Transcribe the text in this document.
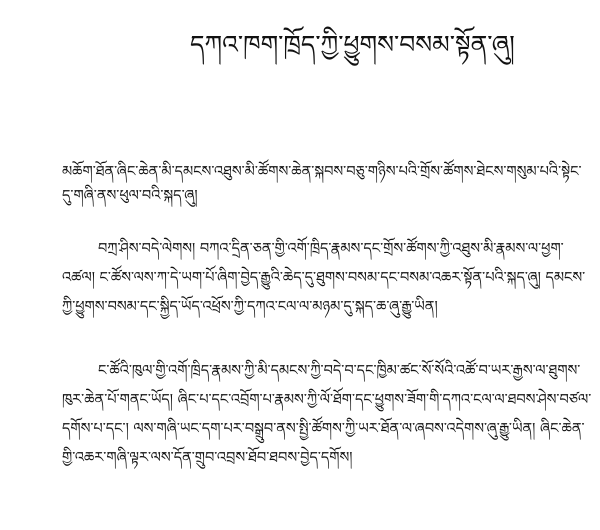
དཀའ་ཁག་ཁྲོད་ཀྱི་ཕྱུགས་བསམ་སྟོན་ཞུ།

མཆོག་ཐོན་ཞིང་ཆེན་མི་དམངས་འཐུས་མི་ཚོགས་ཆེན་སྐབས་བཅུ་གཉིས་པའི་གྲོས་ཚོགས་ཐེངས་གསུམ་པའི་སྟེང་དུ་གཞི་ནས་ཕུལ་བའི་སྐད་ཞུ།

བཀྲ་ཤིས་བདེ་ལེགས། བཀའ་དྲིན་ཅན་གྱི་འགོ་ཁྲིད་རྣམས་དང་གྲོས་ཚོགས་ཀྱི་འཐུས་མི་རྣམས་ལ་ཕྱག་འཚལ། ང་ཚོས་ལས་ཀ་དེ་ཡག་པོ་ཞིག་བྱེད་རྒྱུའི་ཆེད་དུ་ཐུགས་བསམ་དང་བསམ་འཆར་སྟོན་པའི་སྐད་ཞུ། དམངས་ཀྱི་ཕྱུགས་བསམ་དང་སྐྱིད་ཡོད་འཕྲོས་ཀྱི་དཀའ་ངལ་ལ་མཉམ་དུ་སྐད་ཆ་ཞུ་རྒྱུ་ཡིན།

ང་ཚོའི་ཁུལ་གྱི་འགོ་ཁྲིད་རྣམས་ཀྱི་མི་དམངས་ཀྱི་བདེ་བ་དང་ཁྱིམ་ཚང་སོ་སོའི་འཚོ་བ་ཡར་རྒྱས་ལ་ཐུགས་ཁུར་ཆེན་པོ་གནང་ཡོད། ཞིང་པ་དང་འབྲོག་པ་རྣམས་ཀྱི་ལོ་ཐོག་དང་ཕྱུགས་ཟོག་གི་དཀའ་ངལ་ལ་ཐབས་ཤེས་བཙལ་དགོས་པ་དང་། ལས་གཞི་ཡང་དག་པར་བསྒྲུབ་ནས་སྤྱི་ཚོགས་ཀྱི་ཡར་ཐོན་ལ་ཞབས་འདེགས་ཞུ་རྒྱུ་ཡིན། ཞིང་ཆེན་གྱི་འཆར་གཞི་ལྟར་ལས་དོན་གྲུབ་འབྲས་ཐོབ་ཐབས་བྱེད་དགོས།
